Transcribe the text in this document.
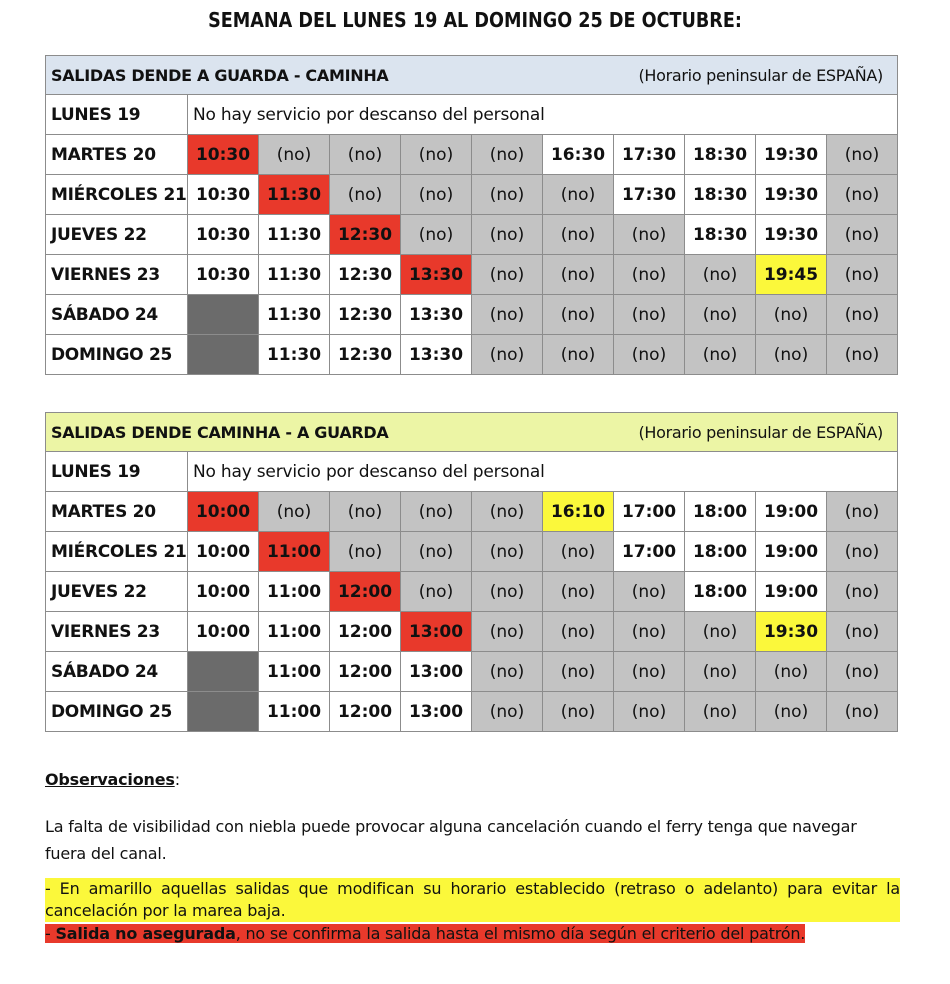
SEMANA DEL LUNES 19 AL DOMINGO 25 DE OCTUBRE:
SALIDAS DENDE A GUARDA - CAMINHA (Horario peninsular de ESPAÑA)										

LUNES 19	No hay servicio por descanso del personal									
MARTES 20	10:30	(no)	(no)	(no)	(no)	16:30	17:30	18:30	19:30	(no)
MIÉRCOLES 21	10:30	11:30	(no)	(no)	(no)	(no)	17:30	18:30	19:30	(no)
JUEVES 22	10:30	11:30	12:30	(no)	(no)	(no)	(no)	18:30	19:30	(no)
VIERNES 23	10:30	11:30	12:30	13:30	(no)	(no)	(no)	(no)	19:45	(no)
SÁBADO 24		11:30	12:30	13:30	(no)	(no)	(no)	(no)	(no)	(no)
DOMINGO 25		11:30	12:30	13:30	(no)	(no)	(no)	(no)	(no)	(no)
SALIDAS DENDE CAMINHA - A GUARDA (Horario peninsular de ESPAÑA)										

LUNES 19	No hay servicio por descanso del personal									
MARTES 20	10:00	(no)	(no)	(no)	(no)	16:10	17:00	18:00	19:00	(no)
MIÉRCOLES 21	10:00	11:00	(no)	(no)	(no)	(no)	17:00	18:00	19:00	(no)
JUEVES 22	10:00	11:00	12:00	(no)	(no)	(no)	(no)	18:00	19:00	(no)
VIERNES 23	10:00	11:00	12:00	13:00	(no)	(no)	(no)	(no)	19:30	(no)
SÁBADO 24		11:00	12:00	13:00	(no)	(no)	(no)	(no)	(no)	(no)
DOMINGO 25		11:00	12:00	13:00	(no)	(no)	(no)	(no)	(no)	(no)
Observaciones:
La falta de visibilidad con niebla puede provocar alguna cancelación cuando el ferry tenga que navegar fuera del canal.
- En amarillo aquellas salidas que modifican su horario establecido (retraso o adelanto) para evitar la cancelación por la marea baja.
- Salida no asegurada, no se confirma la salida hasta el mismo día según el criterio del patrón.
